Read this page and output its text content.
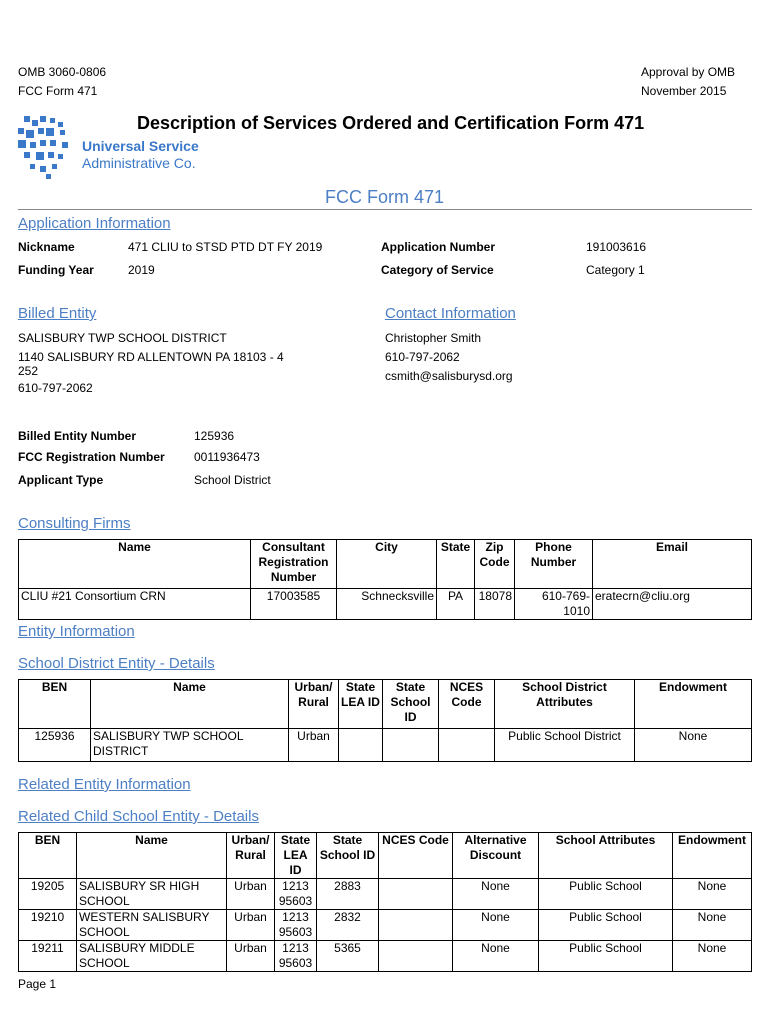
OMB 3060-0806
FCC Form 471
Approval by OMB
November 2015
Universal Service
Administrative Co.
Description of Services Ordered and Certification Form 471
FCC Form 471
Application Information
Nickname	471 CLIU to STSD PTD DT FY 2019
Funding Year	2019
Application Number	191003616
Category of Service	Category 1
Billed Entity
SALISBURY TWP SCHOOL DISTRICT
1140 SALISBURY RD ALLENTOWN PA 18103 - 4
252
610-797-2062
Billed Entity Number	125936
FCC Registration Number 0011936473
Applicant Type	School District
Contact Information
Christopher Smith
610-797-2062
csmith@salisburysd.org
Consulting Firms
Name	Consultant Registration Number	City	State	Zip Code	Phone Number	Email
CLIU #21 Consortium CRN	17003585	Schnecksville	PA	18078	610-769-1010	eratecrn@cliu.org
Entity Information
School District Entity - Details
BEN	Name	Urban/ Rural	State LEA ID	State School ID	NCES Code	School District Attributes	Endowment
125936	SALISBURY TWP SCHOOL DISTRICT	Urban				Public School District	None
Related Entity Information
Related Child School Entity - Details
BEN	Name	Urban/ Rural	State LEA ID	State School ID	NCES Code	Alternative Discount	School Attributes	Endowment
19205	SALISBURY SR HIGH SCHOOL	Urban	1213 95603	2883		None	Public School	None
19210	WESTERN SALISBURY SCHOOL	Urban	1213 95603	2832		None	Public School	None
19211	SALISBURY MIDDLE SCHOOL	Urban	1213 95603	5365		None	Public School	None
Page 1
